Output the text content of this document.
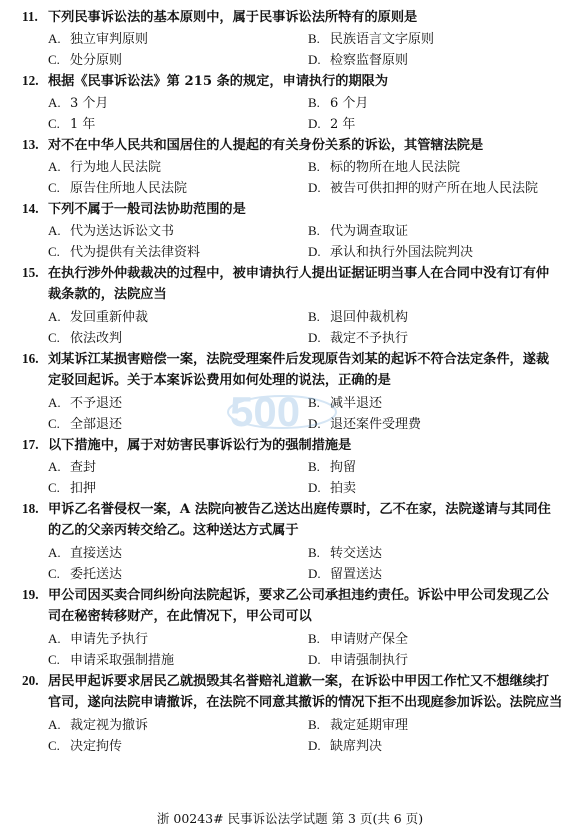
11. 下列民事诉讼法的基本原则中，属于民事诉讼法所特有的原则是
A. 独立审判原则	B. 民族语言文字原则
C. 处分原则	D. 检察监督原则
12. 根据《民事诉讼法》第 215 条的规定，申请执行的期限为
A. 3 个月	B. 6 个月
C. 1 年	D. 2 年
13. 对不在中华人民共和国居住的人提起的有关身份关系的诉讼，其管辖法院是
A. 行为地人民法院	B. 标的物所在地人民法院
C. 原告住所地人民法院	D. 被告可供扣押的财产所在地人民法院
14. 下列不属于一般司法协助范围的是
A. 代为送达诉讼文书	B. 代为调查取证
C. 代为提供有关法律资料	D. 承认和执行外国法院判决
15. 在执行涉外仲裁裁决的过程中，被申请执行人提出证据证明当事人在合同中没有订有仲
裁条款的，法院应当
A. 发回重新仲裁	B. 退回仲裁机构
C. 依法改判	D. 裁定不予执行
16. 刘某诉江某损害赔偿一案，法院受理案件后发现原告刘某的起诉不符合法定条件，遂裁
定驳回起诉。关于本案诉讼费用如何处理的说法，正确的是
A. 不予退还	B. 减半退还
C. 全部退还	D. 退还案件受理费
17. 以下措施中，属于对妨害民事诉讼行为的强制措施是
A. 查封	B. 拘留
C. 扣押	D. 拍卖
18. 甲诉乙名誉侵权一案，A 法院向被告乙送达出庭传票时，乙不在家，法院遂请与其同住
的乙的父亲丙转交给乙。这种送达方式属于
A. 直接送达	B. 转交送达
C. 委托送达	D. 留置送达
19. 甲公司因买卖合同纠纷向法院起诉，要求乙公司承担违约责任。诉讼中甲公司发现乙公
司在秘密转移财产，在此情况下，甲公司可以
A. 申请先予执行	B. 申请财产保全
C. 申请采取强制措施	D. 申请强制执行
20. 居民甲起诉要求居民乙就损毁其名誉赔礼道歉一案，在诉讼中甲因工作忙又不想继续打
官司，遂向法院申请撤诉，在法院不同意其撤诉的情况下拒不出现庭参加诉讼。法院应当
A. 裁定视为撤诉	B. 裁定延期审理
C. 决定拘传	D. 缺席判决
500
浙 00243# 民事诉讼法学试题 第 3 页(共 6 页)
